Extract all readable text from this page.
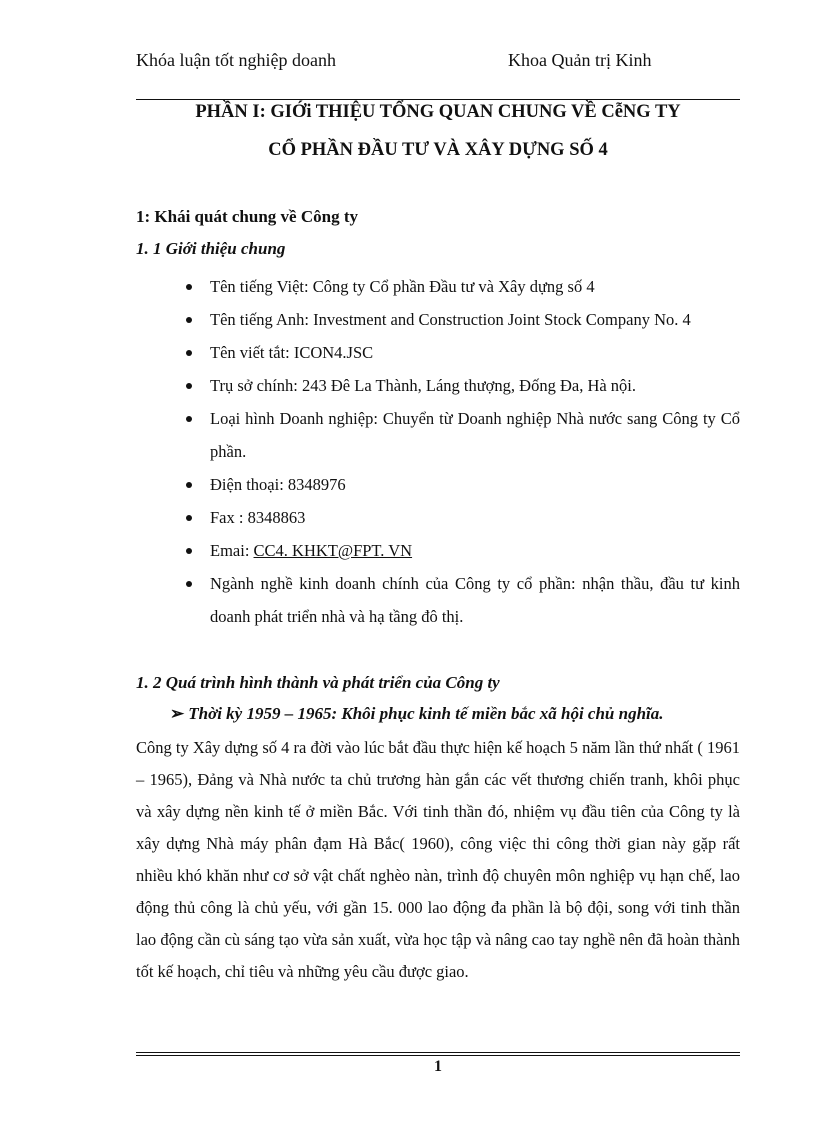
Khóa luận tốt nghiệp doanh	Khoa Quản trị Kinh
PHẦN I: GIỚi THIỆU TỔNG QUAN CHUNG VỀ CễNG TY
CỔ PHẦN ĐẦU TƯ VÀ XÂY DỰNG SỐ 4
1: Khái quát chung về Công ty
1. 1 Giới thiệu chung
Tên tiếng Việt: Công ty Cổ phần Đầu tư và Xây dựng số 4
Tên tiếng Anh: Investment and Construction Joint Stock Company No. 4
Tên viết tắt: ICON4.JSC
Trụ sở chính: 243 Đê La Thành, Láng thượng, Đống Đa, Hà nội.
Loại hình Doanh nghiệp: Chuyển từ Doanh nghiệp Nhà nước sang Công ty Cổ phần.
Điện thoại: 8348976
Fax : 8348863
Emai: CC4. KHKT@FPT. VN
Ngành nghề kinh doanh chính của Công ty cổ phần: nhận thầu, đầu tư kinh doanh phát triển nhà và hạ tầng đô thị.
1. 2 Quá trình hình thành và phát triển của Công ty
➢ Thời kỳ 1959 – 1965: Khôi phục kinh tế miền bắc xã hội chủ nghĩa.

Công ty Xây dựng số 4 ra đời vào lúc bắt đầu thực hiện kế hoạch 5 năm lần thứ nhất ( 1961 – 1965), Đảng và Nhà nước ta chủ trương hàn gắn các vết thương chiến tranh, khôi phục và xây dựng nền kinh tế ở miền Bắc. Với tinh thần đó, nhiệm vụ đầu tiên của Công ty là xây dựng Nhà máy phân đạm Hà Bắc( 1960), công việc thi công thời gian này gặp rất nhiều khó khăn như cơ sở vật chất nghèo nàn, trình độ chuyên môn nghiệp vụ hạn chế, lao động thủ công là chủ yếu, với gần 15. 000 lao động đa phần là bộ đội, song với tinh thần lao động cần cù sáng tạo vừa sản xuất, vừa học tập và nâng cao tay nghề nên đã hoàn thành tốt kế hoạch, chỉ tiêu và những yêu cầu được giao.

1
